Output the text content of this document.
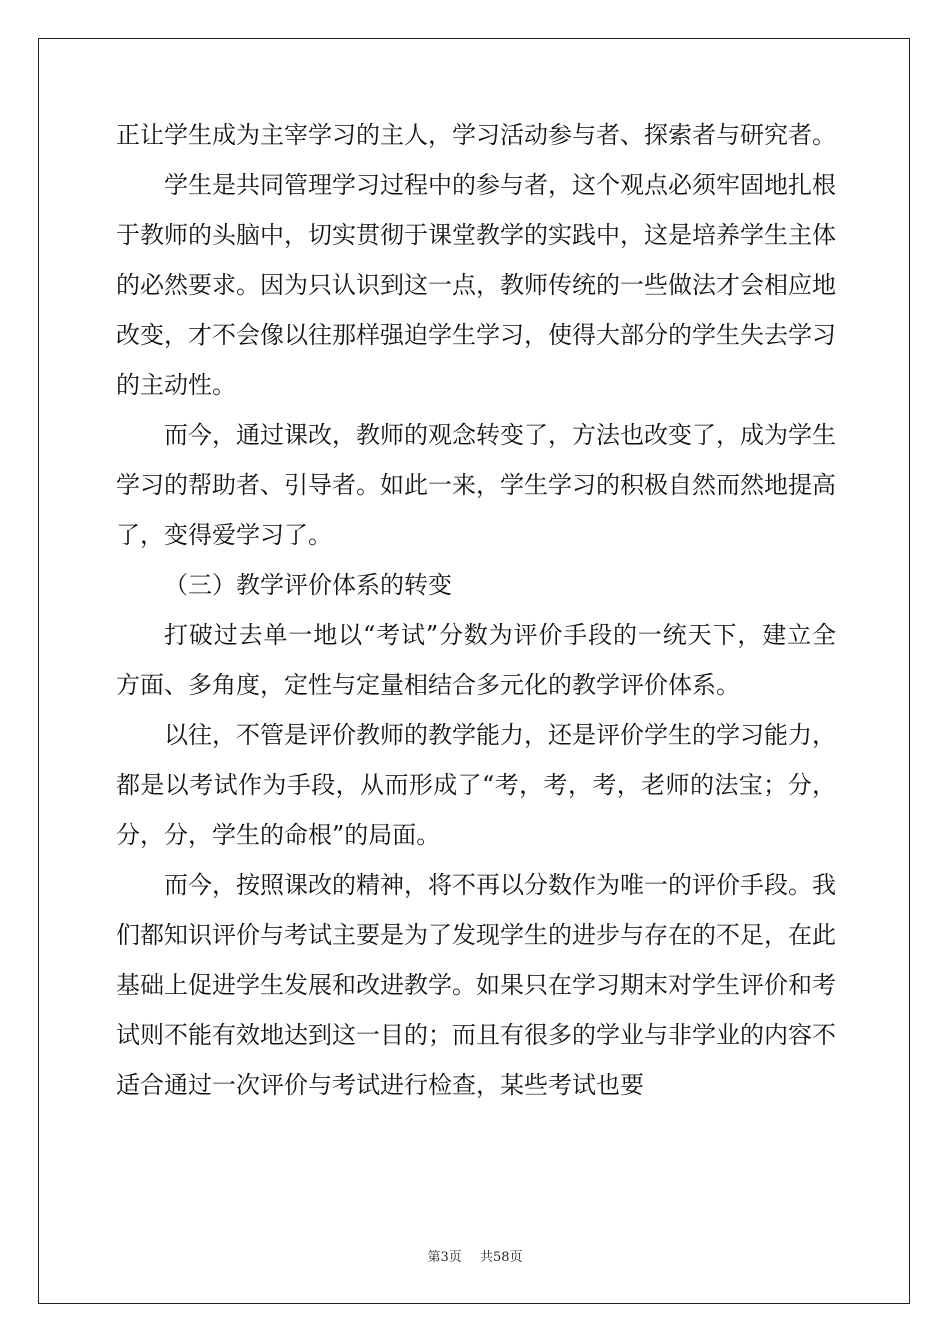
正让学生成为主宰学习的主人，学习活动参与者、探索者与研究者。

学生是共同管理学习过程中的参与者，这个观点必须牢固地扎根于教师的头脑中，切实贯彻于课堂教学的实践中，这是培养学生主体的必然要求。因为只认识到这一点，教师传统的一些做法才会相应地改变，才不会像以往那样强迫学生学习，使得大部分的学生失去学习的主动性。

而今，通过课改，教师的观念转变了，方法也改变了，成为学生学习的帮助者、引导者。如此一来，学生学习的积极自然而然地提高了，变得爱学习了。

（三）教学评价体系的转变

打破过去单一地以“考试”分数为评价手段的一统天下，建立全方面、多角度，定性与定量相结合多元化的教学评价体系。

以往，不管是评价教师的教学能力，还是评价学生的学习能力，都是以考试作为手段，从而形成了“考，考，考，老师的法宝；分，分，分，学生的命根”的局面。

而今，按照课改的精神，将不再以分数作为唯一的评价手段。我们都知识评价与考试主要是为了发现学生的进步与存在的不足，在此基础上促进学生发展和改进教学。如果只在学习期末对学生评价和考试则不能有效地达到这一目的；而且有很多的学业与非学业的内容不适合通过一次评价与考试进行检查，某些考试也要

第3页 共58页
